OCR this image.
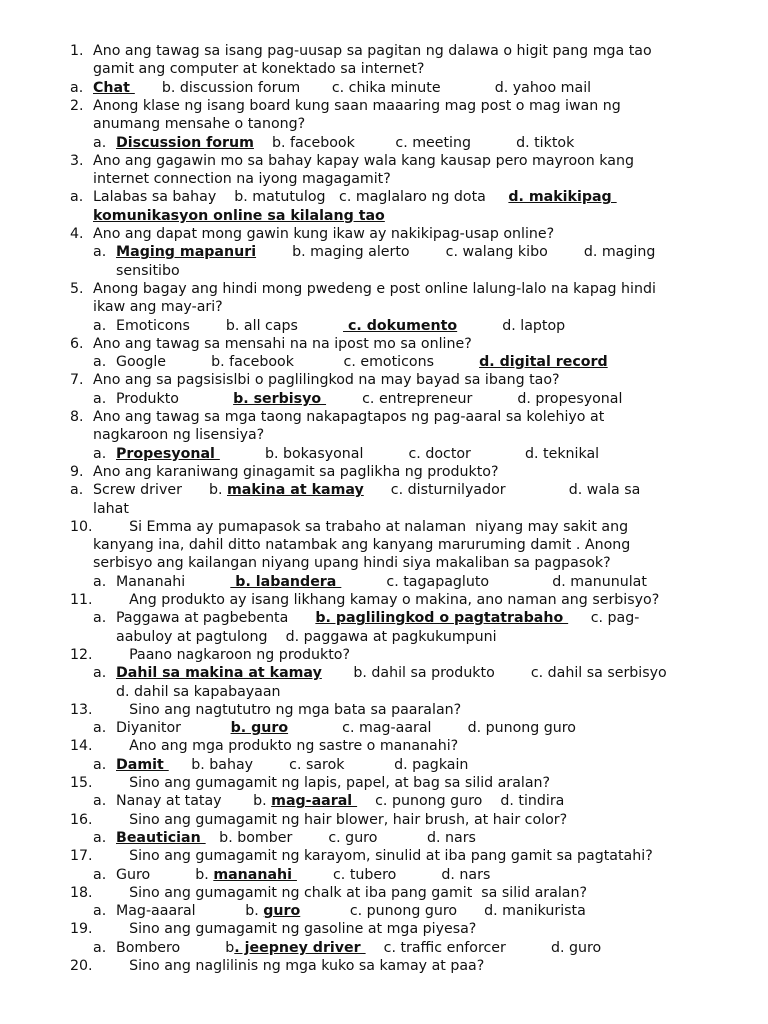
1. Ano ang tawag sa isang pag-uusap sa pagitan ng dalawa o higit pang mga tao
gamit ang computer at konektado sa internet?
a. Chat       b. discussion forum       c. chika minute            d. yahoo mail
2. Anong klase ng isang board kung saan maaaring mag post o mag iwan ng
anumang mensahe o tanong?
a. Discussion forum    b. facebook         c. meeting          d. tiktok
3. Ano ang gagawin mo sa bahay kapay wala kang kausap pero mayroon kang
internet connection na iyong magagamit?
a. Lalabas sa bahay    b. matutulog   c. maglalaro ng dota     d. makikipag
komunikasyon online sa kilalang tao
4. Ano ang dapat mong gawin kung ikaw ay nakikipag-usap online?
a. Maging mapanuri        b. maging alerto        c. walang kibo        d. maging
sensitibo
5. Anong bagay ang hindi mong pwedeng e post online lalung-lalo na kapag hindi
ikaw ang may-ari?
a. Emoticons        b. all caps           c. dokumento          d. laptop
6. Ano ang tawag sa mensahi na na ipost mo sa online?
a. Google          b. facebook           c. emoticons          d. digital record
7. Ano ang sa pagsisislbi o paglilingkod na may bayad sa ibang tao?
a. Produkto            b. serbisyo         c. entrepreneur          d. propesyonal
8. Ano ang tawag sa mga taong nakapagtapos ng pag-aaral sa kolehiyo at
nagkaroon ng lisensiya?
a. Propesyonal           b. bokasyonal          c. doctor            d. teknikal
9. Ano ang karaniwang ginagamit sa paglikha ng produkto?
a. Screw driver      b. makina at kamay      c. disturnilyador              d. wala sa
lahat
10. Si Emma ay pumapasok sa trabaho at nalaman  niyang may sakit ang
kanyang ina, dahil ditto natambak ang kanyang maruruming damit . Anong
serbisyo ang kailangan niyang upang hindi siya makaliban sa pagpasok?
a. Mananahi           b. labandera           c. tagapagluto              d. manunulat
11. Ang produkto ay isang likhang kamay o makina, ano naman ang serbisyo?
a. Paggawa at pagbebenta      b. paglilingkod o pagtatrabaho      c. pag-
aabuloy at pagtulong    d. paggawa at pagkukumpuni
12. Paano nagkaroon ng produkto?
a. Dahil sa makina at kamay       b. dahil sa produkto        c. dahil sa serbisyo
d. dahil sa kapabayaan
13. Sino ang nagtututro ng mga bata sa paaralan?
a. Diyanitor           b. guro            c. mag-aaral        d. punong guro
14. Ano ang mga produkto ng sastre o mananahi?
a. Damit      b. bahay        c. sarok           d. pagkain
15. Sino ang gumagamit ng lapis, papel, at bag sa silid aralan?
a. Nanay at tatay       b. mag-aaral     c. punong guro    d. tindira
16. Sino ang gumagamit ng hair blower, hair brush, at hair color?
a. Beautician    b. bomber        c. guro           d. nars
17. Sino ang gumagamit ng karayom, sinulid at iba pang gamit sa pagtatahi?
a. Guro          b. mananahi         c. tubero          d. nars
18. Sino ang gumagamit ng chalk at iba pang gamit  sa silid aralan?
a. Mag-aaaral           b. guro           c. punong guro      d. manikurista
19. Sino ang gumagamit ng gasoline at mga piyesa?
a. Bombero          b. jeepney driver     c. traffic enforcer          d. guro
20. Sino ang naglilinis ng mga kuko sa kamay at paa?
